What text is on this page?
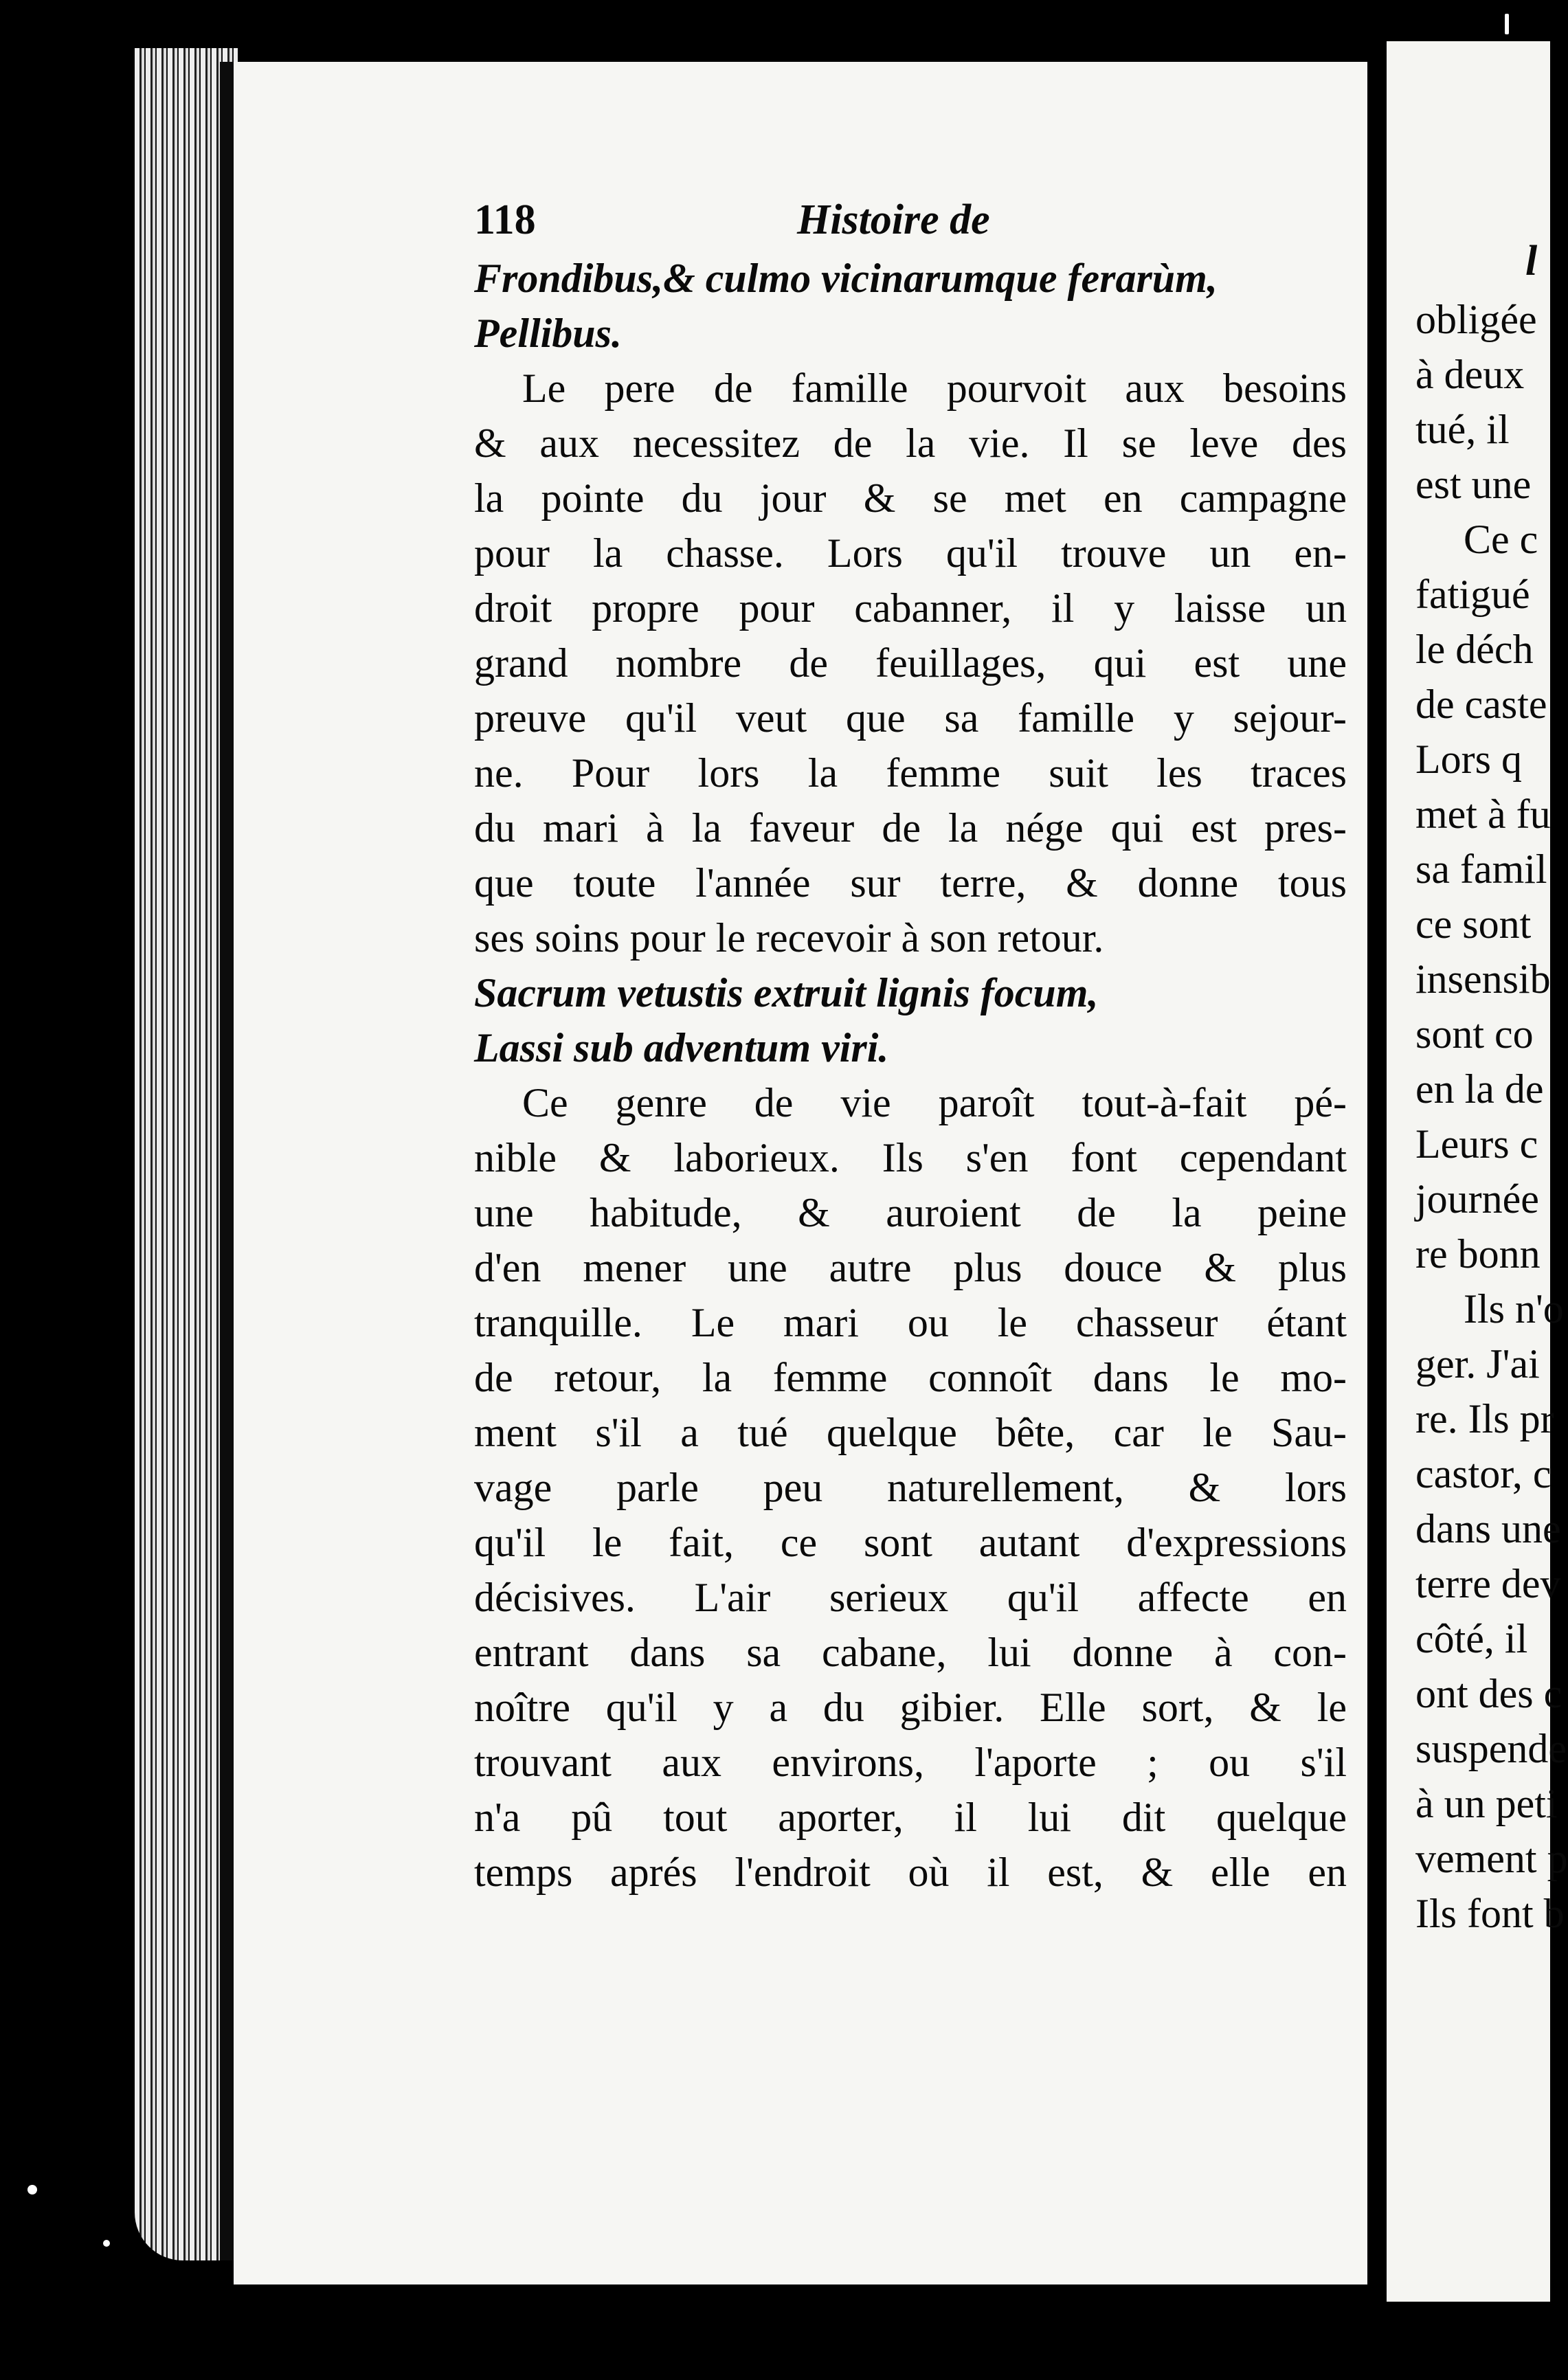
118	Histoire de
Frondibus,& culmo vicinarumque ferarùm,
Pellibus.
Le pere de famille pourvoit aux besoins
& aux necessitez de la vie. Il se leve des
la pointe du jour & se met en campagne
pour la chasse. Lors qu'il trouve un en-
droit propre pour cabanner, il y laisse un
grand nombre de feuillages, qui est une
preuve qu'il veut que sa famille y sejour-
ne. Pour lors la femme suit les traces
du mari à la faveur de la nége qui est pres-
que toute l'année sur terre, & donne tous
ses soins pour le recevoir à son retour.
Sacrum vetustis extruit lignis focum,
Lassi sub adventum viri.
Ce genre de vie paroît tout-à-fait pé-
nible & laborieux. Ils s'en font cependant
une habitude, & auroient de la peine
d'en mener une autre plus douce & plus
tranquille. Le mari ou le chasseur étant
de retour, la femme connoît dans le mo-
ment s'il a tué quelque bête, car le Sau-
vage parle peu naturellement, & lors
qu'il le fait, ce sont autant d'expressions
décisives. L'air serieux qu'il affecte en
entrant dans sa cabane, lui donne à con-
noître qu'il y a du gibier. Elle sort, & le
trouvant aux environs, l'aporte ; ou s'il
n'a pû tout aporter, il lui dit quelque
temps aprés l'endroit où il est, & elle en
l
obligée
à deux
tué, il
est une
Ce c
fatigué
le déch
de caste
Lors q
met à fu
sa famil
ce sont
insensib
sont co
en la de
Leurs c
journée
re bonn
Ils n'o
ger. J'ai
re. Ils pr
castor, c
dans une
terre dev
côté, il
ont des c
suspende
à un peti
vement p
Ils font b
